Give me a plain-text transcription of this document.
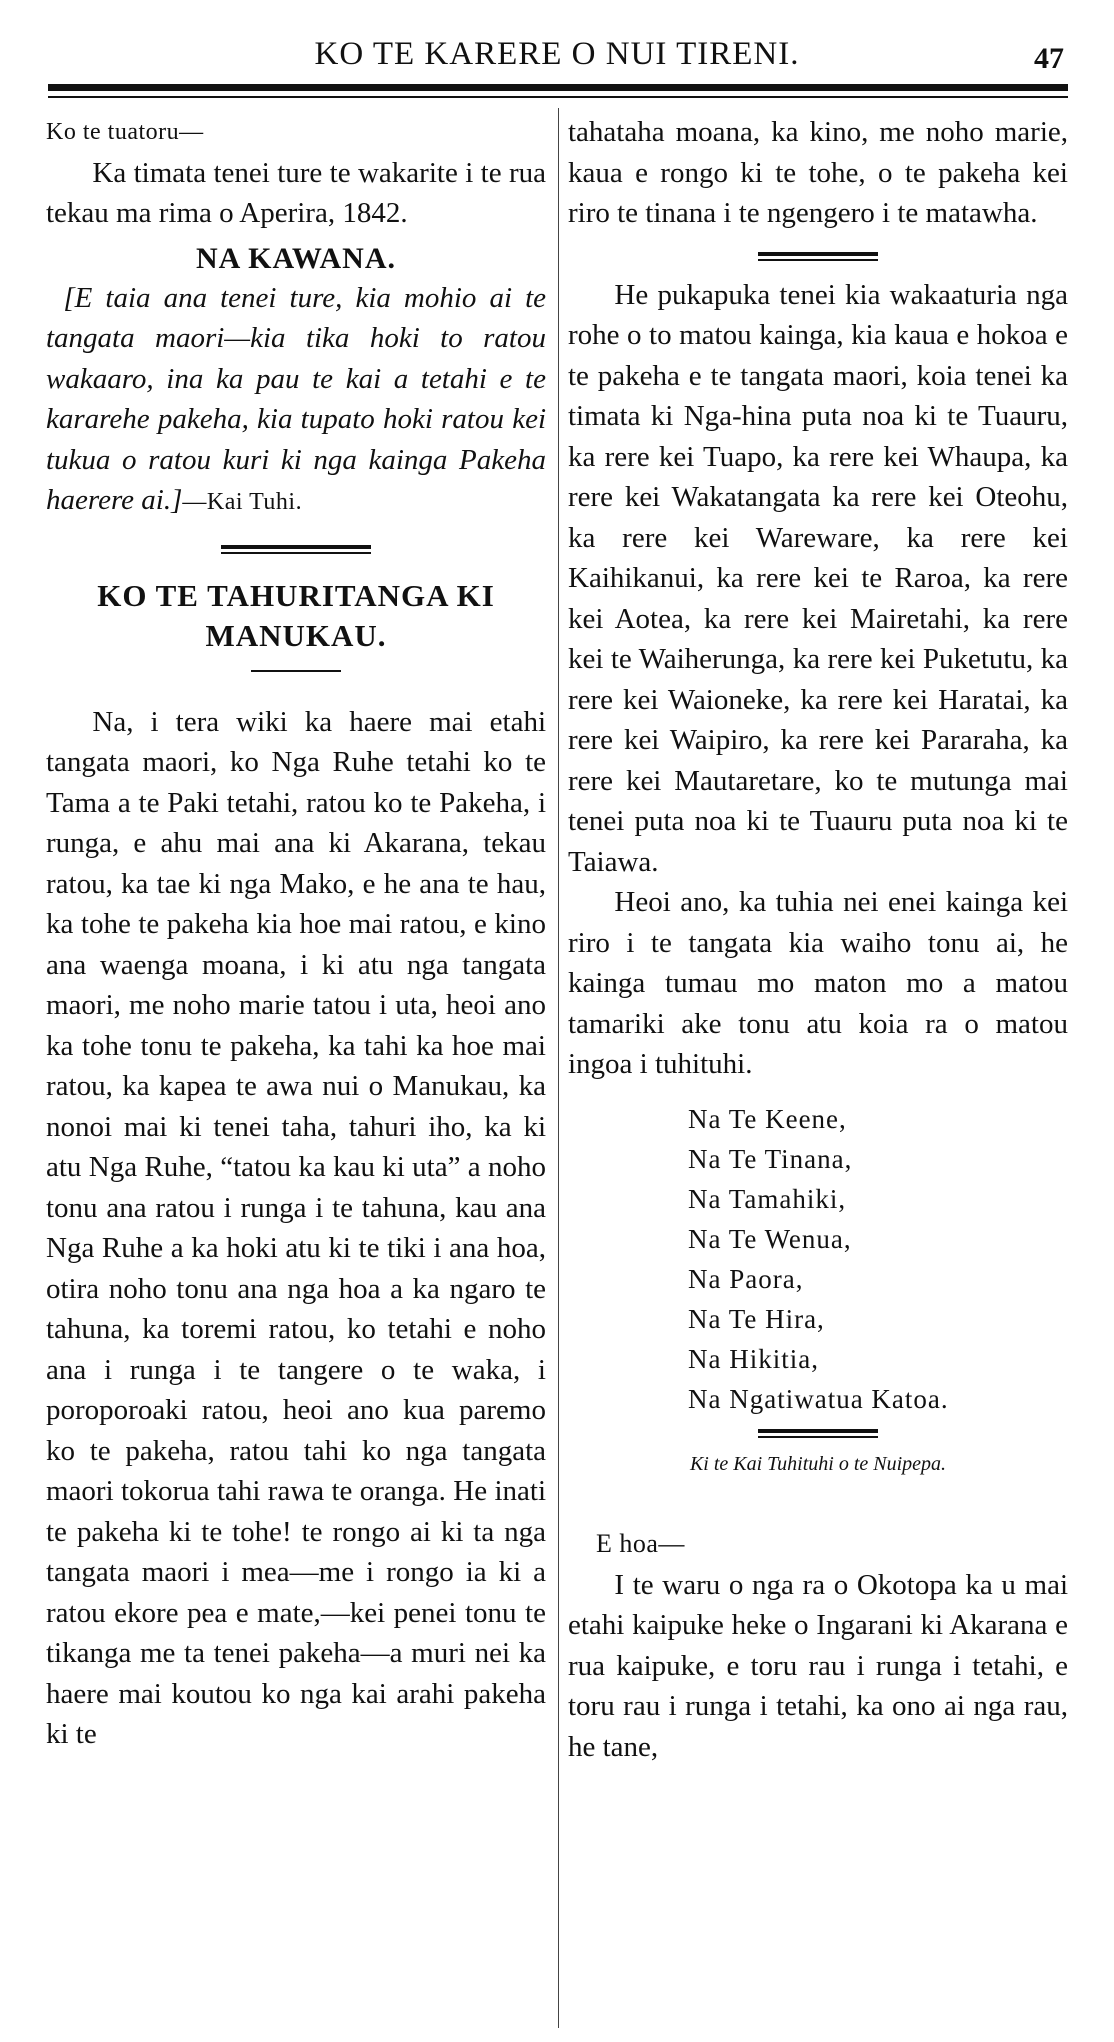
KO TE KARERE O NUI TIRENI.	47

Ko te tuatoru—

Ka timata tenei ture te wakarite i te rua tekau ma rima o Aperira, 1842.

NA KAWANA.

[E taia ana tenei ture, kia mohio ai te tangata maori—kia tika hoki to ratou wakaaro, ina ka pau te kai a tetahi e te kararehe pakeha, kia tupato hoki ratou kei tukua o ratou kuri ki nga kainga Pakeha haerere ai.]—Kai Tuhi.

KO TE TAHURITANGA KI MANUKAU.

Na, i tera wiki ka haere mai etahi tangata maori, ko Nga Ruhe tetahi ko te Tama a te Paki tetahi, ratou ko te Pakeha, i runga, e ahu mai ana ki Akarana, tekau ratou, ka tae ki nga Mako, e he ana te hau, ka tohe te pakeha kia hoe mai ratou, e kino ana waenga moana, i ki atu nga tangata maori, me noho marie tatou i uta, heoi ano ka tohe tonu te pakeha, ka tahi ka hoe mai ratou, ka kapea te awa nui o Manukau, ka nonoi mai ki tenei taha, tahuri iho, ka ki atu Nga Ruhe, “tatou ka kau ki uta” a noho tonu ana ratou i runga i te tahuna, kau ana Nga Ruhe a ka hoki atu ki te tiki i ana hoa, otira noho tonu ana nga hoa a ka ngaro te tahuna, ka toremi ratou, ko tetahi e noho ana i runga i te tangere o te waka, i poroporoaki ratou, heoi ano kua paremo ko te pakeha, ratou tahi ko nga tangata maori tokorua tahi rawa te oranga. He inati te pakeha ki te tohe! te rongo ai ki ta nga tangata maori i mea—me i rongo ia ki a ratou ekore pea e mate,—kei penei tonu te tikanga me ta tenei pakeha—a muri nei ka haere mai koutou ko nga kai arahi pakeha ki te

tahataha moana, ka kino, me noho marie, kaua e rongo ki te tohe, o te pakeha kei riro te tinana i te ngengero i te matawha.

He pukapuka tenei kia wakaaturia nga rohe o to matou kainga, kia kaua e hokoa e te pakeha e te tangata maori, koia tenei ka timata ki Nga-hina puta noa ki te Tuauru, ka rere kei Tuapo, ka rere kei Whaupa, ka rere kei Wakatangata ka rere kei Oteohu, ka rere kei Wareware, ka rere kei Kaihikanui, ka rere kei te Raroa, ka rere kei Aotea, ka rere kei Mairetahi, ka rere kei te Waiherunga, ka rere kei Puketutu, ka rere kei Waioneke, ka rere kei Haratai, ka rere kei Waipiro, ka rere kei Pararaha, ka rere kei Mautaretare, ko te mutunga mai tenei puta noa ki te Tuauru puta noa ki te Taiawa.

Heoi ano, ka tuhia nei enei kainga kei riro i te tangata kia waiho tonu ai, he kainga tumau mo maton mo a matou tamariki ake tonu atu koia ra o matou ingoa i tuhituhi.

Na Te Keene,
Na Te Tinana,
Na Tamahiki,
Na Te Wenua,
Na Paora,
Na Te Hira,
Na Hikitia,
Na Ngatiwatua Katoa.

Ki te Kai Tuhituhi o te Nuipepa.

E hoa—

I te waru o nga ra o Okotopa ka u mai etahi kaipuke heke o Ingarani ki Akarana e rua kaipuke, e toru rau i runga i tetahi, e toru rau i runga i tetahi, ka ono ai nga rau, he tane,
